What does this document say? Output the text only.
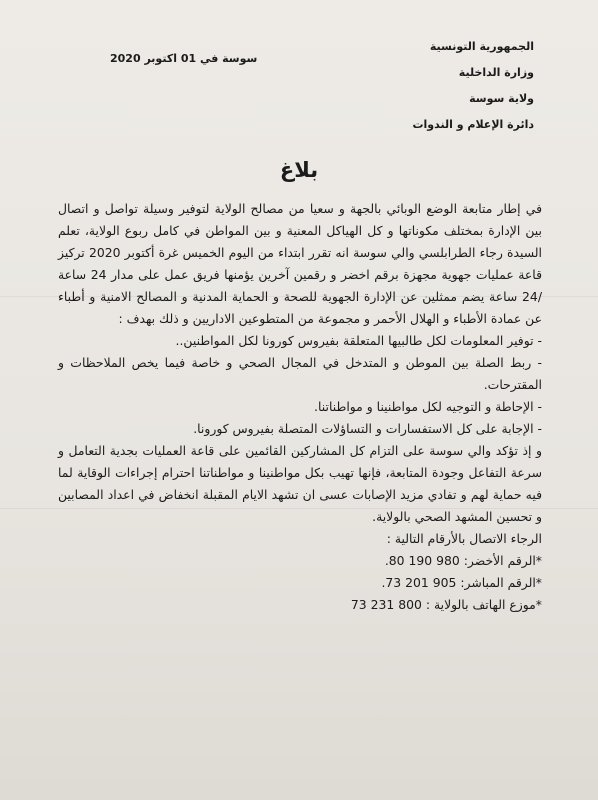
الجمهورية التونسية
وزارة الداخلية
ولاية سوسة
دائرة الإعلام و الندوات
سوسة في 01 اكتوبر 2020
بلاغ

في إطار متابعة الوضع الوبائي بالجهة و سعيا من مصالح الولاية لتوفير وسيلة تواصل و اتصال بين الإدارة بمختلف مكوناتها و كل الهياكل المعنية و بين المواطن في كامل ربوع الولاية، تعلم السيدة رجاء الطرابلسي والي سوسة انه تقرر ابتداء من اليوم الخميس غرة أكتوبر 2020 تركيز قاعة عمليات جهوية مجهزة برقم اخضر و رقمين آخرين يؤمنها فريق عمل على مدار 24 ساعة /24 ساعة يضم ممثلين عن الإدارة الجهوية للصحة و الحماية المدنية و المصالح الامنية و أطباء عن عمادة الأطباء و الهلال الأحمر و مجموعة من المتطوعين الاداريين و ذلك بهدف :

- توفير المعلومات لكل طالبيها المتعلقة بفيروس كورونا لكل المواطنين..

- ربط الصلة بين الموطن و المتدخل في المجال الصحي و خاصة فيما يخص الملاحظات و المقترحات.

- الإحاطة و التوجيه لكل مواطنينا و مواطناتنا.

- الإجابة على كل الاستفسارات و التساؤلات المتصلة بفيروس كورونا.

و إذ تؤكد والي سوسة على التزام كل المشاركين القائمين على قاعة العمليات بجدية التعامل و سرعة التفاعل وجودة المتابعة، فإنها تهيب بكل مواطنينا و مواطناتنا احترام إجراءات الوقاية لما فيه حماية لهم و تفادي مزيد الإصابات عسى ان تشهد الايام المقبلة انخفاض في اعداد المصابين و تحسين المشهد الصحي بالولاية.

الرجاء الاتصال بالأرقام التالية :

*الرقم الأخضر: 980 190 80.

*الرقم المباشر: 905 201 73.

*موزع الهاتف بالولاية : 800 231 73
